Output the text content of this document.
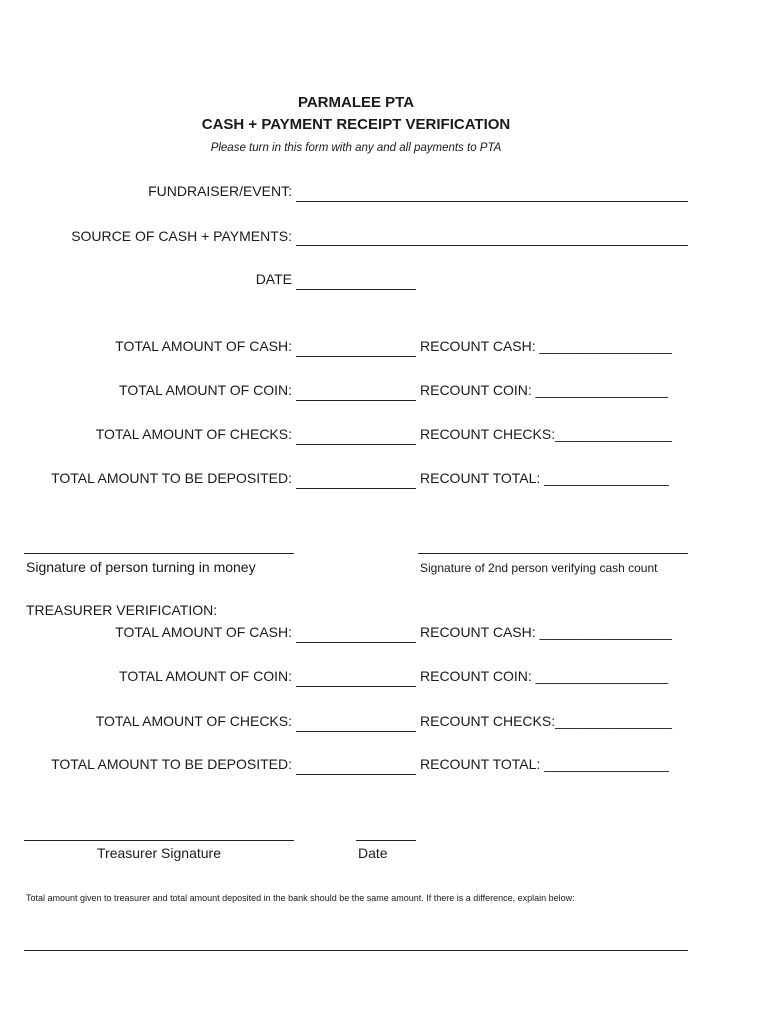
PARMALEE PTA
CASH + PAYMENT RECEIPT VERIFICATION
Please turn in this form with any and all payments to PTA
FUNDRAISER/EVENT:
SOURCE OF CASH + PAYMENTS:
DATE
TOTAL AMOUNT OF CASH:	RECOUNT CASH: _________________
TOTAL AMOUNT OF COIN:	RECOUNT COIN: _________________
TOTAL AMOUNT OF CHECKS:	RECOUNT CHECKS:_______________
TOTAL AMOUNT TO BE DEPOSITED:	RECOUNT TOTAL: ________________
Signature of person turning in money	Signature of 2nd person verifying cash count
TREASURER VERIFICATION:
TOTAL AMOUNT OF CASH:	RECOUNT CASH: _________________
TOTAL AMOUNT OF COIN:	RECOUNT COIN: _________________
TOTAL AMOUNT OF CHECKS:	RECOUNT CHECKS:_______________
TOTAL AMOUNT TO BE DEPOSITED:	RECOUNT TOTAL: ________________
Treasurer Signature	Date
Total amount given to treasurer and total amount deposited in the bank should be the same amount. If there is a difference, explain below:
